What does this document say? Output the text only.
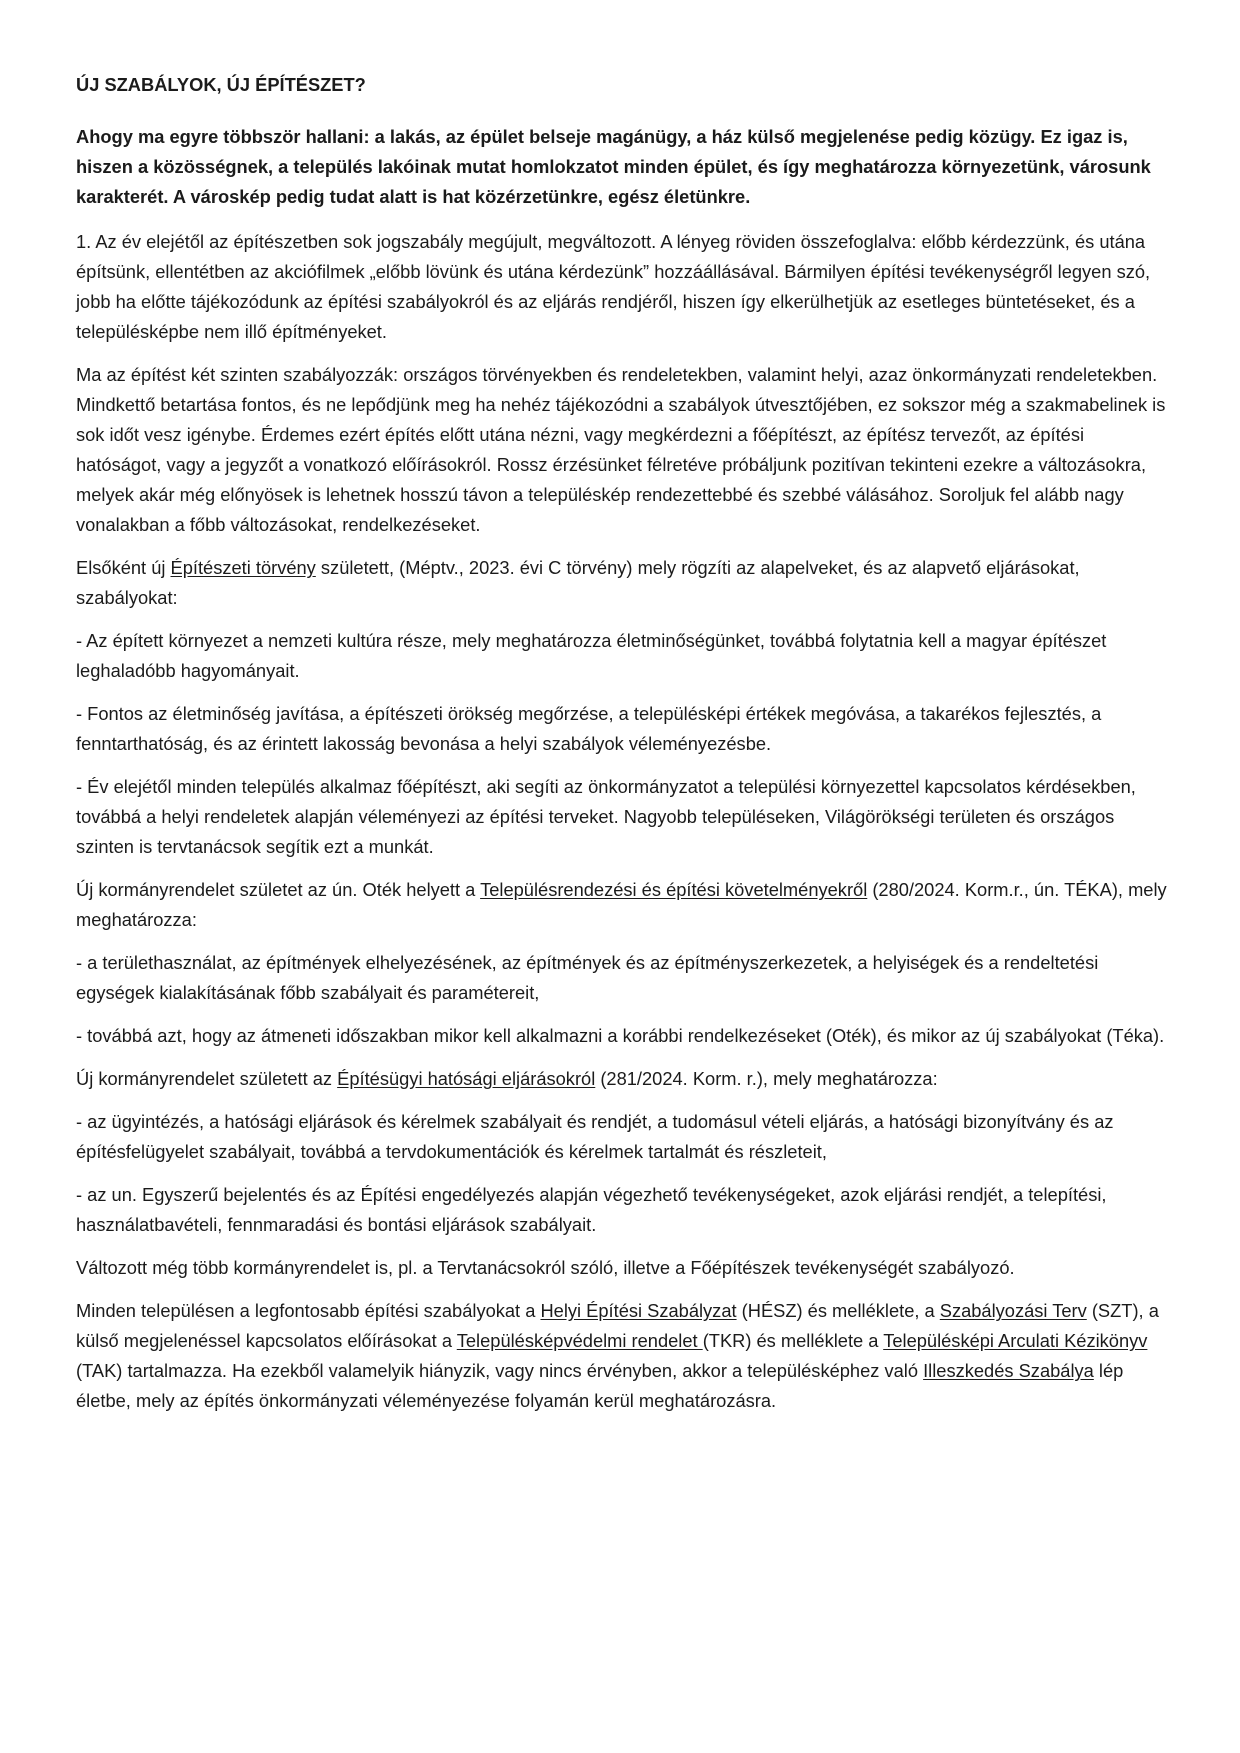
ÚJ SZABÁLYOK, ÚJ ÉPÍTÉSZET?

Ahogy ma egyre többször hallani: a lakás, az épület belseje magánügy, a ház külső megjelenése pedig közügy. Ez igaz is, hiszen a közösségnek, a település lakóinak mutat homlokzatot minden épület, és így meghatározza környezetünk, városunk karakterét. A városkép pedig tudat alatt is hat közérzetünkre, egész életünkre.

1. Az év elejétől az építészetben sok jogszabály megújult, megváltozott. A lényeg röviden összefoglalva: előbb kérdezzünk, és utána építsünk, ellentétben az akciófilmek „előbb lövünk és utána kérdezünk” hozzáállásával. Bármilyen építési tevékenységről legyen szó, jobb ha előtte tájékozódunk az építési szabályokról és az eljárás rendjéről, hiszen így elkerülhetjük az esetleges büntetéseket, és a településképbe nem illő építményeket.

Ma az építést két szinten szabályozzák: országos törvényekben és rendeletekben, valamint helyi, azaz önkormányzati rendeletekben. Mindkettő betartása fontos, és ne lepődjünk meg ha nehéz tájékozódni a szabályok útvesztőjében, ez sokszor még a szakmabelinek is sok időt vesz igénybe. Érdemes ezért építés előtt utána nézni, vagy megkérdezni a főépítészt, az építész tervezőt, az építési hatóságot, vagy a jegyzőt a vonatkozó előírásokról. Rossz érzésünket félretéve próbáljunk pozitívan tekinteni ezekre a változásokra, melyek akár még előnyösek is lehetnek hosszú távon a településkép rendezettebbé és szebbé válásához. Soroljuk fel alább nagy vonalakban a főbb változásokat, rendelkezéseket.

Elsőként új Építészeti törvény született, (Méptv., 2023. évi C törvény) mely rögzíti az alapelveket, és az alapvető eljárásokat, szabályokat:

- Az épített környezet a nemzeti kultúra része, mely meghatározza életminőségünket, továbbá folytatnia kell a magyar építészet leghaladóbb hagyományait.

- Fontos az életminőség javítása, a építészeti örökség megőrzése, a településképi értékek megóvása, a takarékos fejlesztés, a fenntarthatóság, és az érintett lakosság bevonása a helyi szabályok véleményezésbe.

- Év elejétől minden település alkalmaz főépítészt, aki segíti az önkormányzatot a települési környezettel kapcsolatos kérdésekben, továbbá a helyi rendeletek alapján véleményezi az építési terveket. Nagyobb településeken, Világörökségi területen és országos szinten is tervtanácsok segítik ezt a munkát.

Új kormányrendelet születet az ún. Oték helyett a Településrendezési és építési követelményekről (280/2024. Korm.r., ún. TÉKA), mely meghatározza:

- a területhasználat, az építmények elhelyezésének, az építmények és az építményszerkezetek, a helyiségek és a rendeltetési egységek kialakításának főbb szabályait és paramétereit,

- továbbá azt, hogy az átmeneti időszakban mikor kell alkalmazni a korábbi rendelkezéseket (Oték), és mikor az új szabályokat (Téka).

Új kormányrendelet született az Építésügyi hatósági eljárásokról (281/2024. Korm. r.), mely meghatározza:

- az ügyintézés, a hatósági eljárások és kérelmek szabályait és rendjét, a tudomásul vételi eljárás, a hatósági bizonyítvány és az építésfelügyelet szabályait, továbbá a tervdokumentációk és kérelmek tartalmát és részleteit,

- az un. Egyszerű bejelentés és az Építési engedélyezés alapján végezhető tevékenységeket, azok eljárási rendjét, a telepítési, használatbavételi, fennmaradási és bontási eljárások szabályait.

Változott még több kormányrendelet is, pl. a Tervtanácsokról szóló, illetve a Főépítészek tevékenységét szabályozó.

Minden településen a legfontosabb építési szabályokat a Helyi Építési Szabályzat (HÉSZ) és melléklete, a Szabályozási Terv (SZT), a külső megjelenéssel kapcsolatos előírásokat a Településképvédelmi rendelet (TKR) és melléklete a Településképi Arculati Kézikönyv (TAK) tartalmazza. Ha ezekből valamelyik hiányzik, vagy nincs érvényben, akkor a településképhez való Illeszkedés Szabálya lép életbe, mely az építés önkormányzati véleményezése folyamán kerül meghatározásra.
